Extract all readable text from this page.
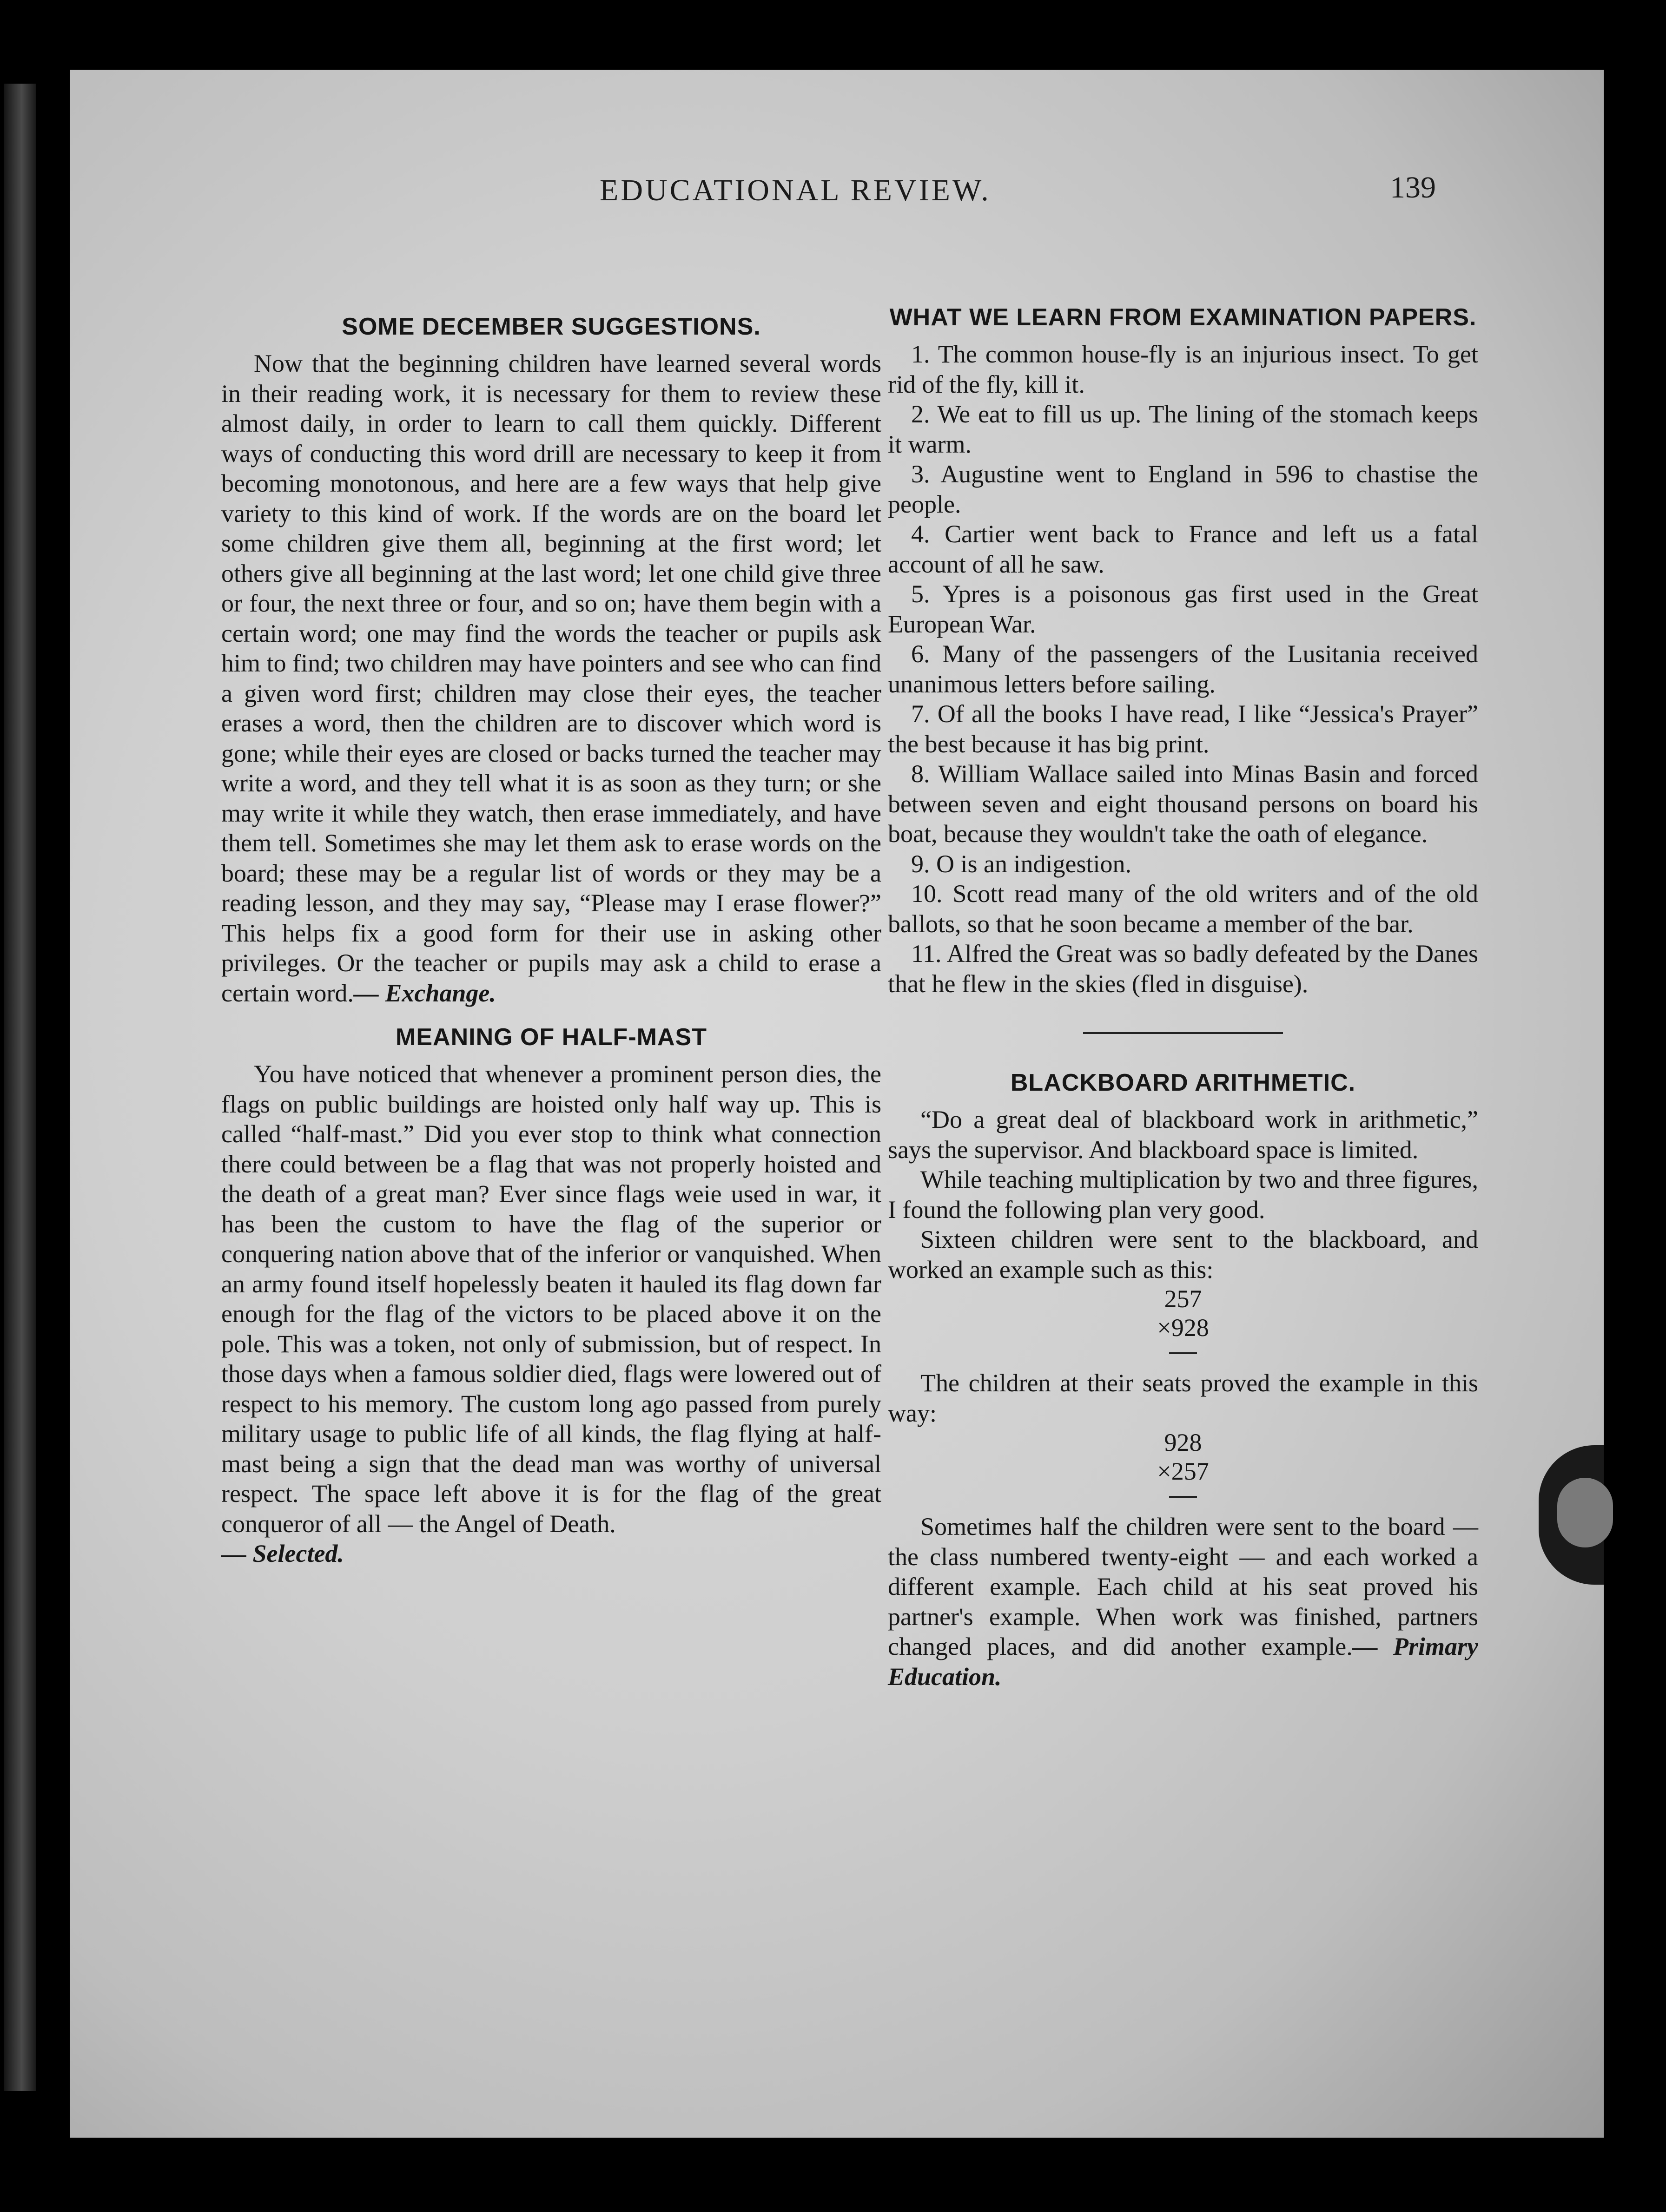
EDUCATIONAL REVIEW.	139
SOME DECEMBER SUGGESTIONS.

Now that the beginning children have learned several words in their reading work, it is necessary for them to review these almost daily, in order to learn to call them quickly. Different ways of conducting this word drill are necessary to keep it from becoming monotonous, and here are a few ways that help give variety to this kind of work. If the words are on the board let some children give them all, beginning at the first word; let others give all beginning at the last word; let one child give three or four, the next three or four, and so on; have them begin with a certain word; one may find the words the teacher or pupils ask him to find; two children may have pointers and see who can find a given word first; children may close their eyes, the teacher erases a word, then the children are to discover which word is gone; while their eyes are closed or backs turned the teacher may write a word, and they tell what it is as soon as they turn; or she may write it while they watch, then erase immediately, and have them tell. Sometimes she may let them ask to erase words on the board; these may be a regular list of words or they may be a reading lesson, and they may say, “Please may I erase flower?” This helps fix a good form for their use in asking other privileges. Or the teacher or pupils may ask a child to erase a certain word.— Exchange.

MEANING OF HALF-MAST

You have noticed that whenever a prominent person dies, the flags on public buildings are hoisted only half way up. This is called “half-mast.” Did you ever stop to think what connection there could between be a flag that was not properly hoisted and the death of a great man? Ever since flags weie used in war, it has been the custom to have the flag of the superior or conquering nation above that of the inferior or vanquished. When an army found itself hopelessly beaten it hauled its flag down far enough for the flag of the victors to be placed above it on the pole. This was a token, not only of submission, but of respect. In those days when a famous soldier died, flags were lowered out of respect to his memory. The custom long ago passed from purely military usage to public life of all kinds, the flag flying at half-mast being a sign that the dead man was worthy of universal respect. The space left above it is for the flag of the great conqueror of all — the Angel of Death.

— Selected.

WHAT WE LEARN FROM EXAMINATION PAPERS.

1. The common house-fly is an injurious insect. To get rid of the fly, kill it.

2. We eat to fill us up. The lining of the stomach keeps it warm.

3. Augustine went to England in 596 to chastise the people.

4. Cartier went back to France and left us a fatal account of all he saw.

5. Ypres is a poisonous gas first used in the Great European War.

6. Many of the passengers of the Lusitania received unanimous letters before sailing.

7. Of all the books I have read, I like “Jessica's Prayer” the best because it has big print.

8. William Wallace sailed into Minas Basin and forced between seven and eight thousand persons on board his boat, because they wouldn't take the oath of elegance.

9. O is an indigestion.

10. Scott read many of the old writers and of the old ballots, so that he soon became a member of the bar.

11. Alfred the Great was so badly defeated by the Danes that he flew in the skies (fled in disguise).

BLACKBOARD ARITHMETIC.

“Do a great deal of blackboard work in arithmetic,” says the supervisor. And blackboard space is limited.

While teaching multiplication by two and three figures, I found the following plan very good.

Sixteen children were sent to the blackboard, and worked an example such as this:

257
×928

The children at their seats proved the example in this way:

928
×257

Sometimes half the children were sent to the board — the class numbered twenty-eight — and each worked a different example. Each child at his seat proved his partner's example. When work was finished, partners changed places, and did another example.— Primary Education.
